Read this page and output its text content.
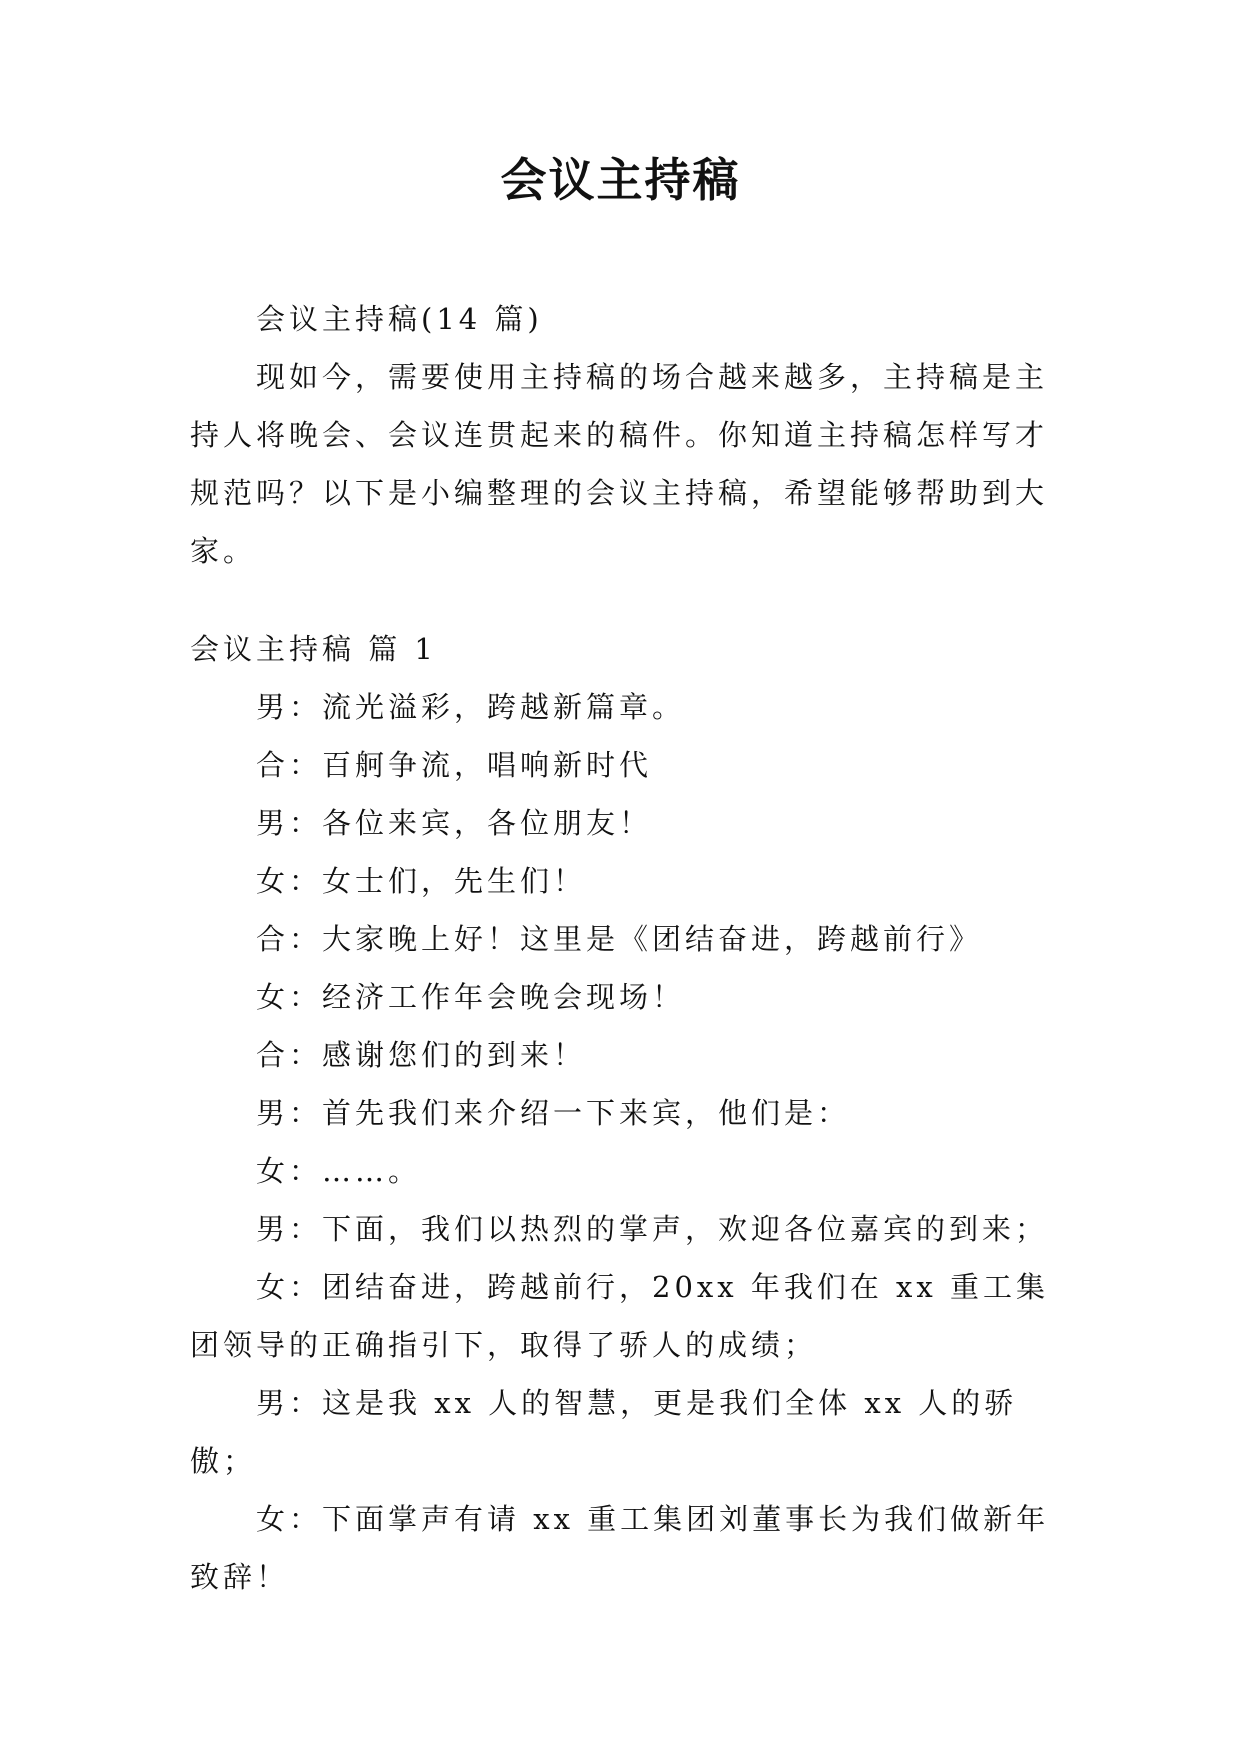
会议主持稿

会议主持稿(14 篇)

现如今，需要使用主持稿的场合越来越多，主持稿是主持人将晚会、会议连贯起来的稿件。你知道主持稿怎样写才规范吗？以下是小编整理的会议主持稿，希望能够帮助到大家。

会议主持稿 篇 1

男：流光溢彩，跨越新篇章。

合：百舸争流，唱响新时代

男：各位来宾，各位朋友！

女：女士们，先生们！

合：大家晚上好！这里是《团结奋进，跨越前行》

女：经济工作年会晚会现场！

合：感谢您们的到来！

男：首先我们来介绍一下来宾，他们是：

女：……。

男：下面，我们以热烈的掌声，欢迎各位嘉宾的到来；

女：团结奋进，跨越前行，20xx 年我们在 xx 重工集团领导的正确指引下，取得了骄人的成绩；

男：这是我 xx 人的智慧，更是我们全体 xx 人的骄傲；

女：下面掌声有请 xx 重工集团刘董事长为我们做新年致辞！
